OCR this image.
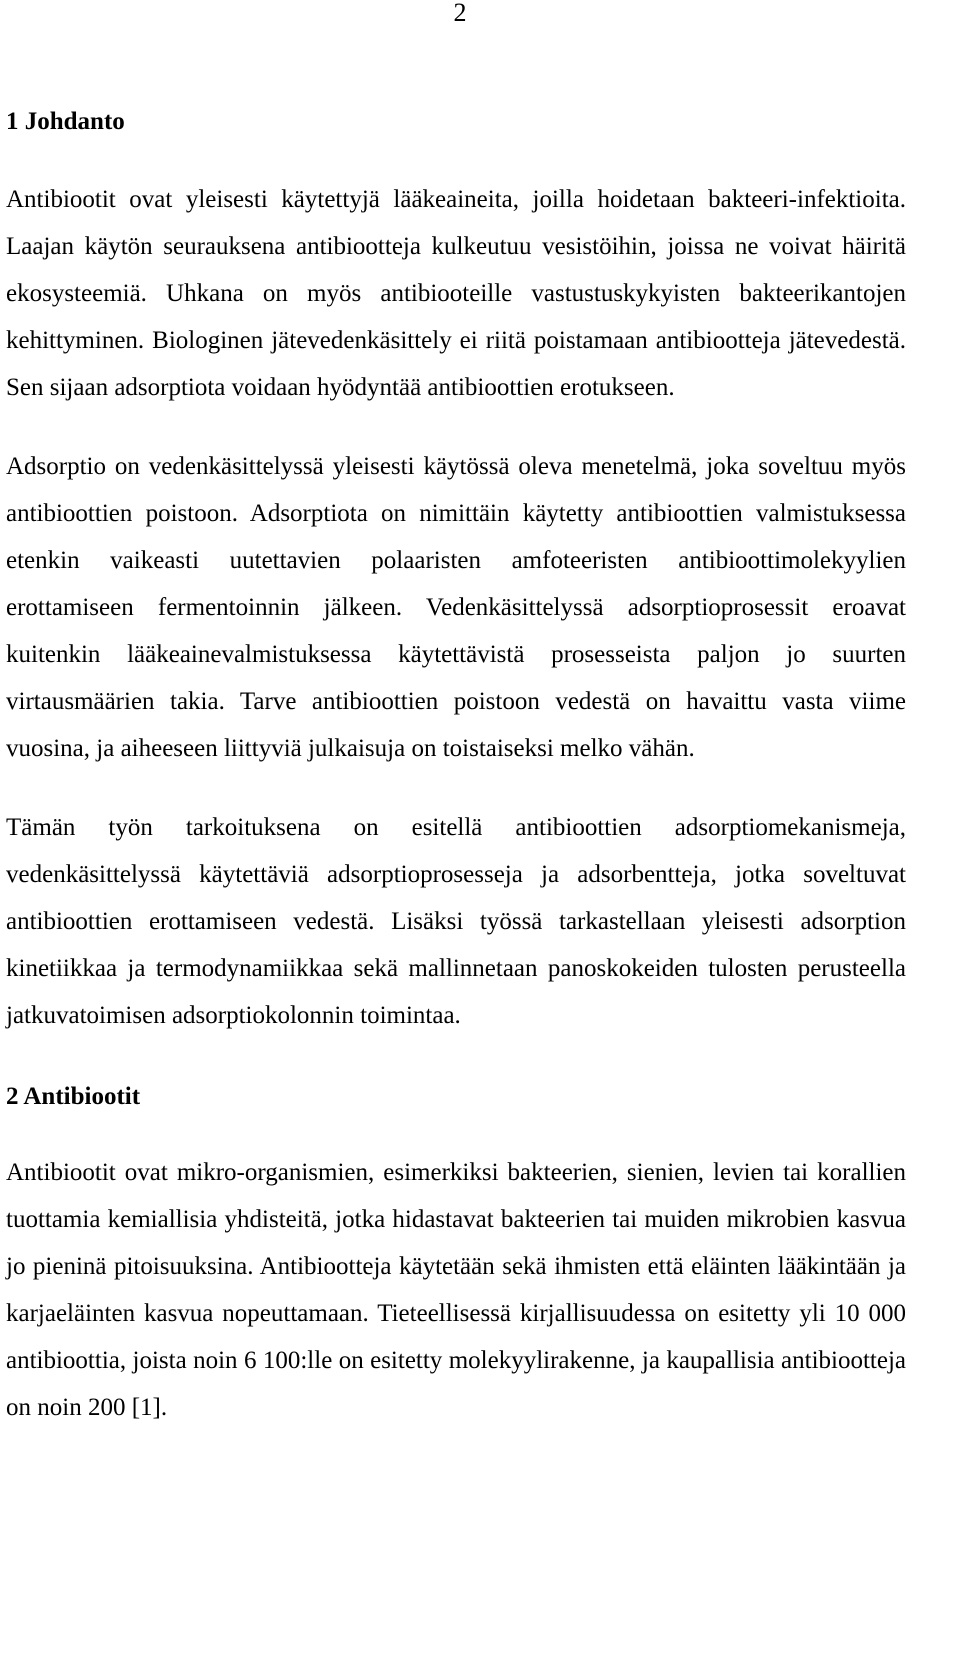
2
1 Johdanto

Antibiootit ovat yleisesti käytettyjä lääkeaineita, joilla hoidetaan bakteeri-infektioita. Laajan käytön seurauksena antibiootteja kulkeutuu vesistöihin, joissa ne voivat häiritä ekosysteemiä. Uhkana on myös antibiooteille vastustuskykyisten bakteerikantojen kehittyminen. Biologinen jätevedenkäsittely ei riitä poistamaan antibiootteja jätevedestä. Sen sijaan adsorptiota voidaan hyödyntää antibioottien erotukseen.

Adsorptio on vedenkäsittelyssä yleisesti käytössä oleva menetelmä, joka soveltuu myös antibioottien poistoon. Adsorptiota on nimittäin käytetty antibioottien valmistuksessa etenkin vaikeasti uutettavien polaaristen amfoteeristen antibioottimolekyylien erottamiseen fermentoinnin jälkeen. Vedenkäsittelyssä adsorptioprosessit eroavat kuitenkin lääkeainevalmistuksessa käytettävistä prosesseista paljon jo suurten virtausmäärien takia. Tarve antibioottien poistoon vedestä on havaittu vasta viime vuosina, ja aiheeseen liittyviä julkaisuja on toistaiseksi melko vähän.

Tämän työn tarkoituksena on esitellä antibioottien adsorptiomekanismeja, vedenkäsittelyssä käytettäviä adsorptioprosesseja ja adsorbentteja, jotka soveltuvat antibioottien erottamiseen vedestä. Lisäksi työssä tarkastellaan yleisesti adsorption kinetiikkaa ja termodynamiikkaa sekä mallinnetaan panoskokeiden tulosten perusteella jatkuvatoimisen adsorptiokolonnin toimintaa.

2 Antibiootit

Antibiootit ovat mikro-organismien, esimerkiksi bakteerien, sienien, levien tai korallien tuottamia kemiallisia yhdisteitä, jotka hidastavat bakteerien tai muiden mikrobien kasvua jo pieninä pitoisuuksina. Antibiootteja käytetään sekä ihmisten että eläinten lääkintään ja karjaeläinten kasvua nopeuttamaan. Tieteellisessä kirjallisuudessa on esitetty yli 10 000 antibioottia, joista noin 6 100:lle on esitetty molekyylirakenne, ja kaupallisia antibiootteja on noin 200 [1].
